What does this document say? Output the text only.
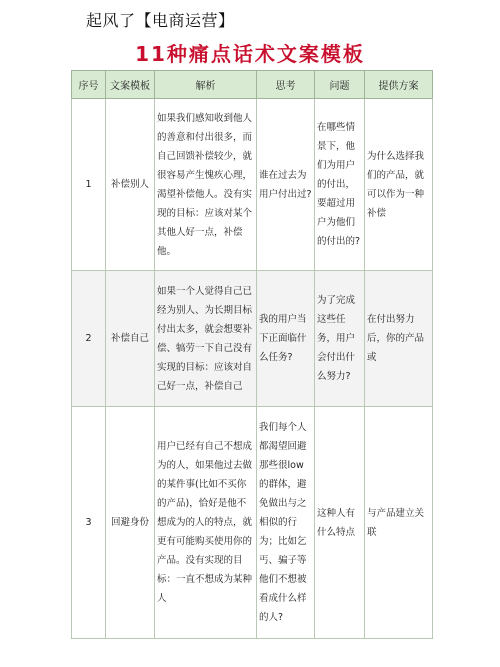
起风了【电商运营】
11种痛点话术文案模板
序号	文案模板	解析	思考	问题	提供方案
1	补偿别人	如果我们感知收到他人的善意和付出很多，而自己回馈补偿较少，就很容易产生愧疚心理，渴望补偿他人。没有实现的目标：应该对某个其他人好一点，补偿他。	谁在过去为用户付出过?	在哪些情景下，他们为用户的付出，要超过用户为他们的付出的?	为什么选择我们的产品，就可以作为一种补偿
2	补偿自己	如果一个人觉得自己已经为别人、为长期目标付出太多，就会想要补偿、犒劳一下自己没有实现的目标：应该对自己好一点，补偿自己	我的用户当下正面临什么任务?	为了完成这些任务，用户会付出什么努力?	在付出努力后，你的产品或
3	回避身份	用户已经有自己不想成为的人，如果他过去做的某件事(比如不买你的产品)，恰好是他不想成为的人的特点，就更有可能购买使用你的产品。没有实现的目标：一直不想成为某种人	我们每个人都渴望回避那些很low的群体，避免做出与之相似的行为；比如乞丐、骗子等他们不想被看成什么样的人?	这种人有什么特点	与产品建立关联
